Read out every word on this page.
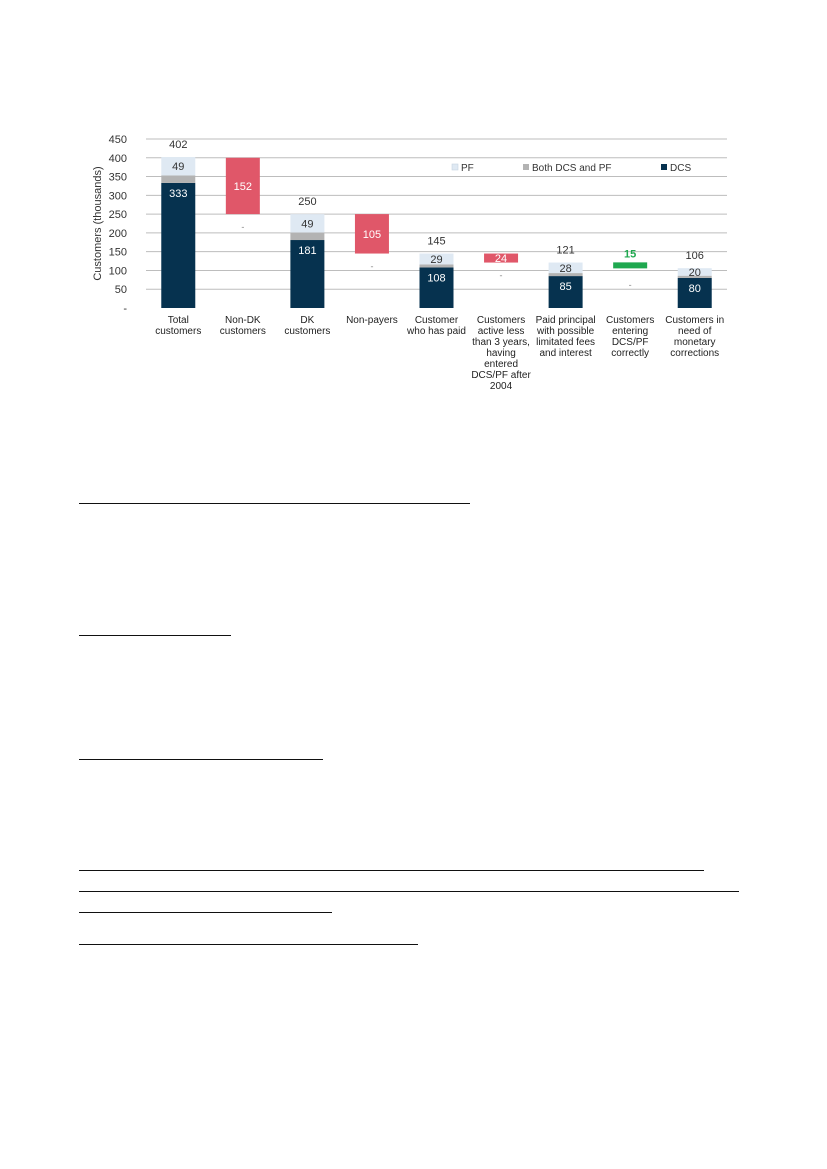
-
50
100
150
200
250
300
350
400
450
Customers (thousands)	PF	Both DCS and PF	DCS
333
49
402
152
-
181
49
250
105
-
108
29
145
24
-
85
28
121	15
-	80
20
106
Total customers
Non-DK customers
DK customers
Non-payers	Customer who has paid
Customers active less than 3 years, having entered DCS/PF after 2004
Paid principal with possible limitated fees and interest
Customers entering DCS/PF correctly
Customers in need of monetary corrections
